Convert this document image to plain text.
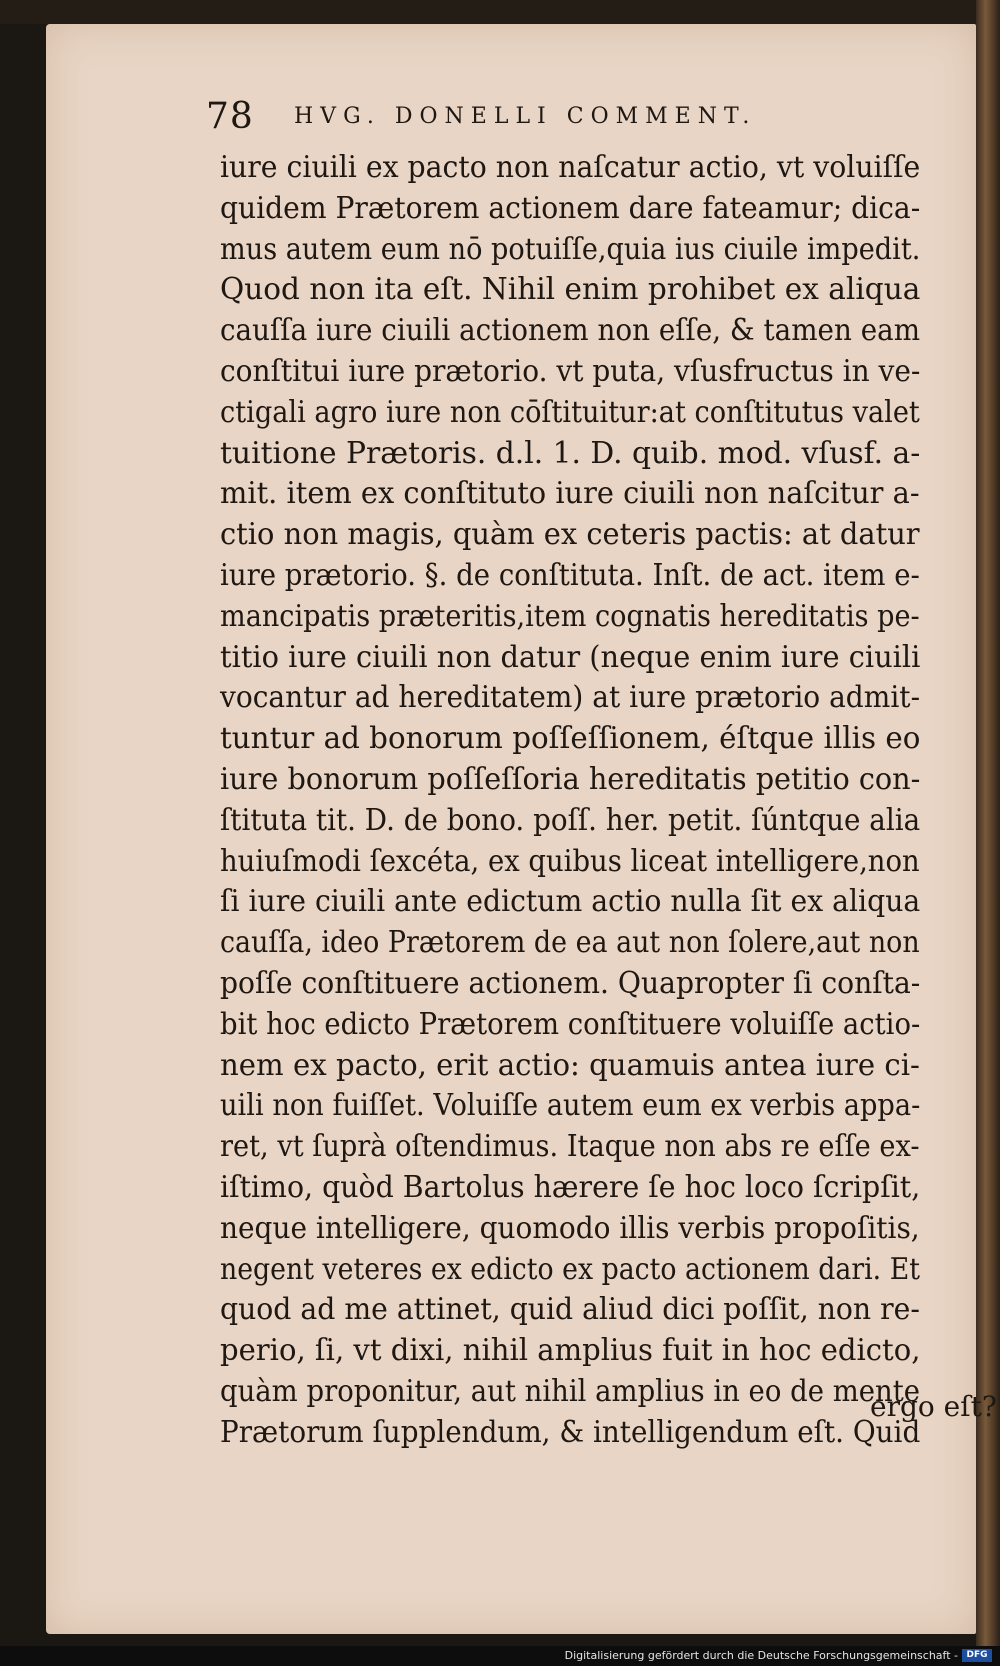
78 HVG. DONELLI COMMENT.
iure ciuili ex pacto non naſcatur actio, vt voluiſſe
quidem Prætorem actionem dare fateamur; dica-
mus autem eum nō potuiſſe,quia ius ciuile impedit.
Quod non ita eſt. Nihil enim prohibet ex aliqua
cauſſa iure ciuili actionem non eſſe, & tamen eam
conſtitui iure prætorio. vt puta, vſusfructus in ve-
ctigali agro iure non cōſtituitur:at conſtitutus valet
tuitione Prætoris. d.l. 1. D. quib. mod. vſusf. a-
mit. item ex conſtituto iure ciuili non naſcitur a-
ctio non magis, quàm ex ceteris pactis: at datur
iure prætorio. §. de conſtituta. Inſt. de act. item e-
mancipatis præteritis,item cognatis hereditatis pe-
titio iure ciuili non datur (neque enim iure ciuili
vocantur ad hereditatem) at iure prætorio admit-
tuntur ad bonorum poſſeſſionem, éſtque illis eo
iure bonorum poſſeſſoria hereditatis petitio con-
ſtituta tit. D. de bono. poſſ. her. petit. ſúntque alia
huiuſmodi ſexcéta, ex quibus liceat intelligere,non
ſi iure ciuili ante edictum actio nulla ſit ex aliqua
cauſſa, ideo Prætorem de ea aut non ſolere,aut non
poſſe conſtituere actionem. Quapropter ſi conſta-
bit hoc edicto Prætorem conſtituere voluiſſe actio-
nem ex pacto, erit actio: quamuis antea iure ci-
uili non fuiſſet. Voluiſſe autem eum ex verbis appa-
ret, vt ſuprà oſtendimus. Itaque non abs re eſſe ex-
iſtimo, quòd Bartolus hærere ſe hoc loco ſcripſit,
neque intelligere, quomodo illis verbis propoſitis,
negent veteres ex edicto ex pacto actionem dari. Et
quod ad me attinet, quid aliud dici poſſit, non re-
perio, ſi, vt dixi, nihil amplius fuit in hoc edicto,
quàm proponitur, aut nihil amplius in eo de mente
Prætorum ſupplendum, & intelligendum eſt. Quid
ergo eſt?
Digitalisierung gefördert durch die Deutsche Forschungsgemeinschaft - DFG
